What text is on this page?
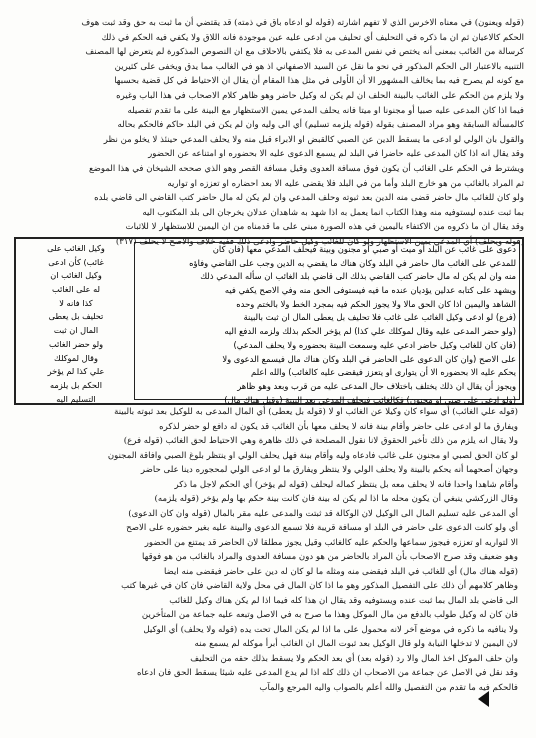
(قوله ويعنون) في معناه الاخرس الذي لا تفهم اشارته (قوله لو ادعاه باق في ذمته) قد يقتضي أن ما ثبت به حق وقد ثبت هوف
الحكم كالاعيان ثم ان ما ذكره في التحليف أي تحليف من ادعى عليه عين موجودة فانه اللاق ولا يكفي فيه الحكم في ذلك
كرسالة من الغائب بمعنى أنه يختص في نفس المدعى به فلا يكتفي بالاحلاف مع ان النصوص المذكورة لم يتعرض لها المصنف
التنبيه بالاعتبار الى الحكم المذكور في نحو ما نقل عن السيد الاصفهاني اذ هو في الغالب مما يدق ويخفى على كثيرين
مع كونه لم يصرح فيه بما يخالف المشهور الا أن الأولى في مثل هذا المقام أن يقال ان الاحتياط في كل قضية بحسبها
ولا يلزم من الحكم على الغائب بالبينة الحلف ان لم يكن له وكيل حاضر وهو ظاهر كلام الاصحاب في هذا الباب وغيره
فيما اذا كان المدعى عليه صبيا أو مجنونا او ميتا فانه يحلف المدعي يمين الاستظهار مع البينة على ما تقدم تفصيله
كالمسألة السابقة وهو مراد المصنف بقوله (قوله يلزمه تسليم) أي الى وليه وان لم يكن في البلد حاكم فالحكم بحاله
والقول بان الولي لو ادعى ما يسقط الدين عن الصبي كالقبض او الابراء قبل منه ولا يحلف المدعي حينئذ لا يخلو من نظر
وقد يقال انه اذا كان المدعى عليه حاضرا في البلد لم يسمع الدعوى عليه الا بحضوره او امتناعه عن الحضور
ويشترط في الحكم على الغائب أن يكون فوق مسافة العدوى وقيل مسافة القصر وهو الذي صححه الشيخان في هذا الموضع
ثم المراد بالغائب من هو خارج البلد وأما من في البلد فلا يقضى عليه الا بعد احضاره او تعززه او تواريه
ولو كان للغائب مال حاضر قضى منه الدين بعد ثبوته وحلف المدعي وان لم يكن له مال حاضر كتب القاضي الى قاضي بلده
بما ثبت عنده ليستوفيه منه وهذا الكتاب انما يعمل به اذا شهد به شاهدان عدلان يخرجان الى بلد المكتوب اليه
وقد يقال ان ما ذكروه من الاكتفاء باليمين في هذه الصورة مبني على ما قدمناه من ان اليمين للاستظهار لا للاثبات
(قوله ويحلف) أي المدعي يمين الاستظهار ولو كان للغائب وكيل حاضر وادعى ذلك ففيه خلاف والاصح لا يحلف (٣١٧)
دعوى على غائب عن البلد أو ميت أو صبي أو مجنون وبينة فيحلف المدعي معها (فان كان
للمدعي على الغائب مال حاضر في البلد وكان هناك ما يقضي به الدين وجب على القاضي وفاؤه
منه وان لم يكن له مال حاضر كتب القاضي بذلك الى قاضي بلد الغائب ان سأله المدعي ذلك
ويشهد على كتابه عدلين يؤديان عنده ما فيه فيستوفى الحق منه وفي الاصح يكفي فيه
الشاهد واليمين اذا كان الحق مالا ولا يجوز الحكم فيه بمجرد الخط ولا بالختم وحده
(فرع) لو ادعى وكيل الغائب على غائب فلا تحليف بل يعطى المال ان ثبت بالبينة
(ولو حضر المدعى عليه وقال لموكلك علي كذا) لم يؤخر الحكم بذلك ولزمه الدفع اليه
(فان كان للغائب وكيل حاضر ادعي عليه وسمعت البينة بحضوره ولا يحلف المدعي)
على الاصح (وان كان الدعوى على الحاضر في البلد وكان هناك مال فيسمع الدعوى ولا
يحكم عليه الا بحضوره الا أن يتوارى او يتعزز فيقضى عليه كالغائب) والله اعلم
ويجوز أن يقال ان ذلك يختلف باختلاف حال المدعى عليه من قرب وبعد وهو ظاهر
(ولو ادعى على صبي او مجنون) فكالغائب فيحلف المدعي بعد البينة (وقيل هناك مال)
وكيل الغائب على
غائب) كأن ادعى
وكيل الغائب ان
له على الغائب
كذا فانه لا
تحليف بل يعطى
المال ان ثبت
ولو حضر الغائب
وقال لموكلك
علي كذا لم يؤخر
الحكم بل يلزمه
التسليم اليه
(قوله علي الغائب) أي سواء كان وكيلا عن الغائب او لا (قوله بل يعطى) أي المال المدعى به للوكيل بعد ثبوته بالبينة
ويفارق ما لو ادعى على حاضر وأقام بينة فانه لا يحلف معها بأن الغائب قد يكون له دافع لو حضر لذكره
ولا يقال انه يلزم من ذلك تأخير الحقوق لانا نقول المصلحة في ذلك ظاهرة وهي الاحتياط لحق الغائب (قوله فرع)
لو كان الحق لصبي او مجنون على غائب فادعاه وليه وأقام بينة فهل يحلف الولي او ينتظر بلوغ الصبي وافاقة المجنون
وجهان أصحهما أنه يحكم بالبينة ولا يحلف الولي ولا ينتظر ويفارق ما لو ادعى الولي لمحجوره دينا على حاضر
وأقام شاهدا واحدا فانه لا يحلف معه بل ينتظر كماله ليحلف (قوله لم يؤخر) أي الحكم لاجل ما ذكر
وقال الزركشي ينبغي أن يكون محله ما اذا لم يكن له بينة فان كانت بينة حكم بها ولم يؤخر (قوله يلزمه)
أي المدعى عليه تسليم المال الى الوكيل لان الوكالة قد ثبتت والمدعى عليه مقر بالمال (قوله وان كان الدعوى)
أي ولو كانت الدعوى على حاضر في البلد او مسافة قريبة فلا تسمع الدعوى والبينة عليه بغير حضوره على الاصح
الا لتواريه او تعززه فيجوز سماعها والحكم عليه كالغائب وقيل يجوز مطلقا لان الحاضر قد يمتنع من الحضور
وهو ضعيف وقد صرح الاصحاب بأن المراد بالحاضر من هو دون مسافة العدوى والمراد بالغائب من هو فوقها
(قوله هناك مال) أي للغائب في البلد فيقضى منه ومثله ما لو كان له دين على حاضر فيقضى منه ايضا
وظاهر كلامهم أن ذلك على التفصيل المذكور وهو ما اذا كان المال في محل ولاية القاضي فان كان في غيرها كتب
الى قاضي بلد المال بما ثبت عنده ويستوفيه وقد يقال ان هذا كله فيما اذا لم يكن هناك وكيل للغائب
فان كان له وكيل طولب بالدفع من مال الموكل وهذا ما صرح به في الاصل وتبعه عليه جماعة من المتأخرين
ولا ينافيه ما ذكره في موضع آخر لانه محمول على ما اذا لم يكن المال تحت يده (قوله ولا يحلف) أي الوكيل
لان اليمين لا تدخلها النيابة ولو قال الوكيل بعد ثبوت المال ان الغائب أبرأ موكله لم يسمع منه
وان حلف الموكل اخذ المال والا رد (قوله بعد) أي بعد الحكم ولا يسقط بذلك حقه من التحليف
وقد نقل في الاصل عن جماعة من الاصحاب ان ذلك كله اذا لم يدع المدعى عليه شيئا يسقط الحق فان ادعاه
فالحكم فيه ما تقدم من التفصيل والله أعلم بالصواب واليه المرجع والمآب
